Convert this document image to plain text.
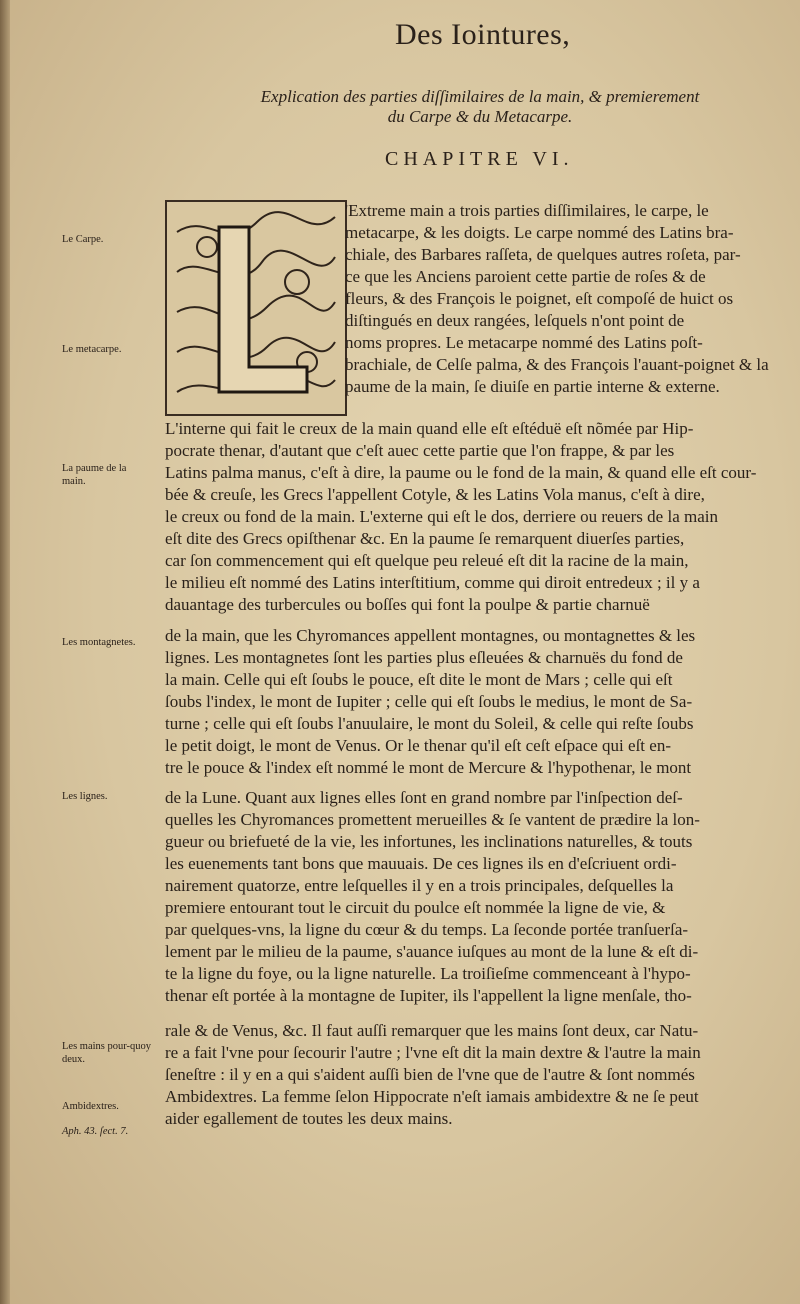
Des Iointures,
Explication des parties diſſimilaires de la main, & premierement
du Carpe & du Metacarpe.
CHAPITRE VI.
Le Carpe.
Le metacarpe.
La paume de la main.
Les montagnetes.
Les lignes.
Les mains pour-quoy deux.
Ambidextres.
Aph. 43. ſect. 7.
'Extreme main a trois parties diſſimilaires, le carpe, le
metacarpe, & les doigts. Le carpe nommé des Latins bra-
chiale, des Barbares raſſeta, de quelques autres roſeta, par-
ce que les Anciens paroient cette partie de roſes & de
fleurs, & des François le poignet, eſt compoſé de huict os
diſtingués en deux rangées, leſquels n'ont point de
noms propres. Le metacarpe nommé des Latins poſt-
brachiale, de Celſe palma, & des François l'auant-poignet & la
paume de la main, ſe diuiſe en partie interne & externe.
L'interne qui fait le creux de la main quand elle eſt eſtéduë eſt nõmée par Hip-
pocrate thenar, d'autant que c'eſt auec cette partie que l'on frappe, & par les
Latins palma manus, c'eſt à dire, la paume ou le fond de la main, & quand elle eſt cour-
bée & creuſe, les Grecs l'appellent Cotyle, & les Latins Vola manus, c'eſt à dire,
le creux ou fond de la main. L'externe qui eſt le dos, derriere ou reuers de la main
eſt dite des Grecs opiſthenar &c. En la paume ſe remarquent diuerſes parties,
car ſon commencement qui eſt quelque peu releué eſt dit la racine de la main,
le milieu eſt nommé des Latins interſtitium, comme qui diroit entredeux ; il y a
dauantage des turbercules ou boſſes qui font la poulpe & partie charnuë
de la main, que les Chyromances appellent montagnes, ou montagnettes & les
lignes. Les montagnetes ſont les parties plus eſleuées & charnuës du fond de
la main. Celle qui eſt ſoubs le pouce, eſt dite le mont de Mars ; celle qui eſt
ſoubs l'index, le mont de Iupiter ; celle qui eſt ſoubs le medius, le mont de Sa-
turne ; celle qui eſt ſoubs l'anuulaire, le mont du Soleil, & celle qui reſte ſoubs
le petit doigt, le mont de Venus. Or le thenar qu'il eſt ceſt eſpace qui eſt en-
tre le pouce & l'index eſt nommé le mont de Mercure & l'hypothenar, le mont
de la Lune. Quant aux lignes elles ſont en grand nombre par l'inſpection deſ-
quelles les Chyromances promettent merueilles & ſe vantent de prædire la lon-
gueur ou briefueté de la vie, les infortunes, les inclinations naturelles, & touts
les euenements tant bons que mauuais. De ces lignes ils en d'eſcriuent ordi-
nairement quatorze, entre leſquelles il y en a trois principales, deſquelles la
premiere entourant tout le circuit du poulce eſt nommée la ligne de vie, &
par quelques-vns, la ligne du cœur & du temps. La ſeconde portée tranſuerſa-
lement par le milieu de la paume, s'auance iuſques au mont de la lune & eſt di-
te la ligne du foye, ou la ligne naturelle. La troiſieſme commenceant à l'hypo-
thenar eſt portée à la montagne de Iupiter, ils l'appellent la ligne menſale, tho-
rale & de Venus, &c. Il faut auſſi remarquer que les mains ſont deux, car Natu-
re a fait l'vne pour ſecourir l'autre ; l'vne eſt dit la main dextre & l'autre la main
ſeneſtre : il y en a qui s'aident auſſi bien de l'vne que de l'autre & ſont nommés
Ambidextres. La femme ſelon Hippocrate n'eſt iamais ambidextre & ne ſe peut
aider egallement de toutes les deux mains.
